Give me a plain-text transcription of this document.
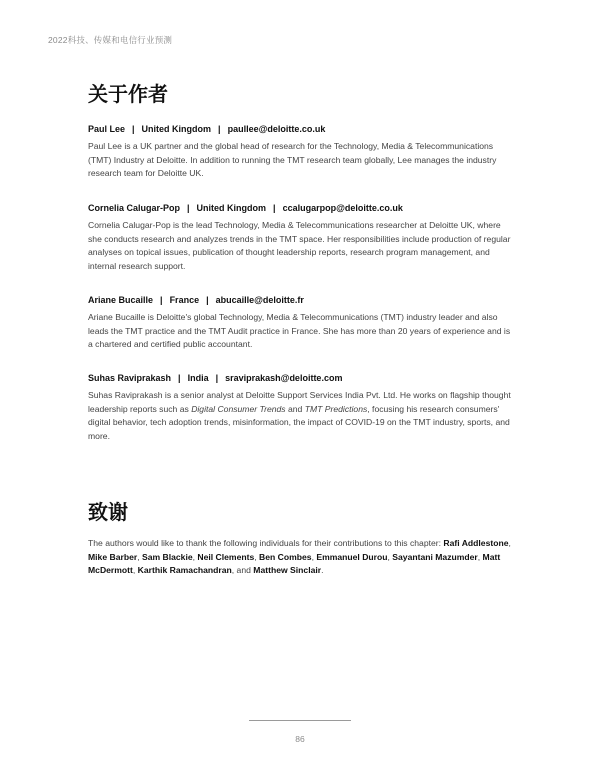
2022科技、传媒和电信行业预测
关于作者

Paul Lee | United Kingdom | paullee@deloitte.co.uk

Paul Lee is a UK partner and the global head of research for the Technology, Media & Telecommunications (TMT) Industry at Deloitte. In addition to running the TMT research team globally, Lee manages the industry research team for Deloitte UK.

Cornelia Calugar-Pop | United Kingdom | ccalugarpop@deloitte.co.uk

Cornelia Calugar-Pop is the lead Technology, Media & Telecommunications researcher at Deloitte UK, where she conducts research and analyzes trends in the TMT space. Her responsibilities include production of regular analyses on topical issues, publication of thought leadership reports, research program management, and internal research support.

Ariane Bucaille | France | abucaille@deloitte.fr

Ariane Bucaille is Deloitte's global Technology, Media & Telecommunications (TMT) industry leader and also leads the TMT practice and the TMT Audit practice in France. She has more than 20 years of experience and is a chartered and certified public accountant.

Suhas Raviprakash | India | sraviprakash@deloitte.com

Suhas Raviprakash is a senior analyst at Deloitte Support Services India Pvt. Ltd. He works on flagship thought leadership reports such as Digital Consumer Trends and TMT Predictions, focusing his research consumers' digital behavior, tech adoption trends, misinformation, the impact of COVID-19 on the TMT industry, sports, and more.

致谢

The authors would like to thank the following individuals for their contributions to this chapter: Rafi Addlestone, Mike Barber, Sam Blackie, Neil Clements, Ben Combes, Emmanuel Durou, Sayantani Mazumder, Matt McDermott, Karthik Ramachandran, and Matthew Sinclair.

86
